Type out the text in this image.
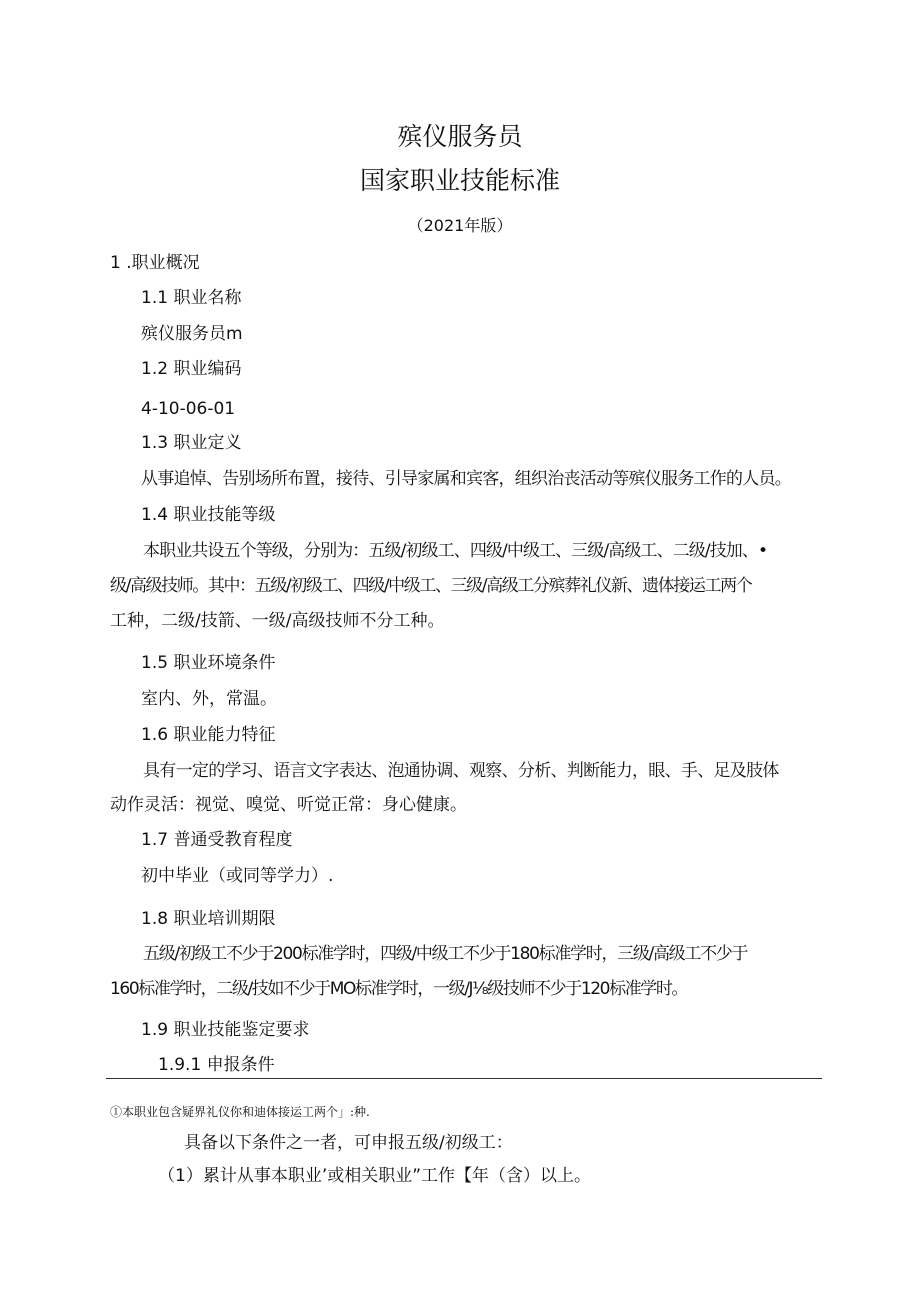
殡仪服务员
国家职业技能标准
（2021年版）
1 .职业概况
1.1 职业名称
殡仪服务员m
1.2 职业编码
4-10-06-01
1.3 职业定义
从事追悼、告别场所布置，接待、引导家属和宾客，组织治丧活动等殡仪服务工作的人员。
1.4 职业技能等级
本职业共设五个等级，分别为：五级/初级工、四级/中级工、三级/高级工、二级/技加、•
级/高级技师。其中：五级/初级工、四级/中级工、三级/高级工分殡葬礼仪新、遗体接运工两个
工种，二级/技箭、一级/高级技师不分工种。
1.5 职业环境条件
室内、外，常温。
1.6 职业能力特征
具有一定的学习、语言文字表达、泡通协调、观察、分析、判断能力，眼、手、足及肢体
动作灵活：视觉、嗅觉、听觉正常：身心健康。
1.7 普通受教育程度
初中毕业（或同等学力）.
1.8 职业培训期限
五级/初级工不少于200标准学时，四级/中级工不少于180标准学时，三级/高级工不少于
160标准学时，二级/技如不少于MO标准学时，一级/J⅛级技师不少于120标准学时。
1.9 职业技能鉴定要求
1.9.1 申报条件
①本职业包含疑界礼仪你和迪体接运工两个」:种.
具备以下条件之一者，可申报五级/初级工：
（1）累计从事本职业’或相关职业”工作【年（含）以上。
